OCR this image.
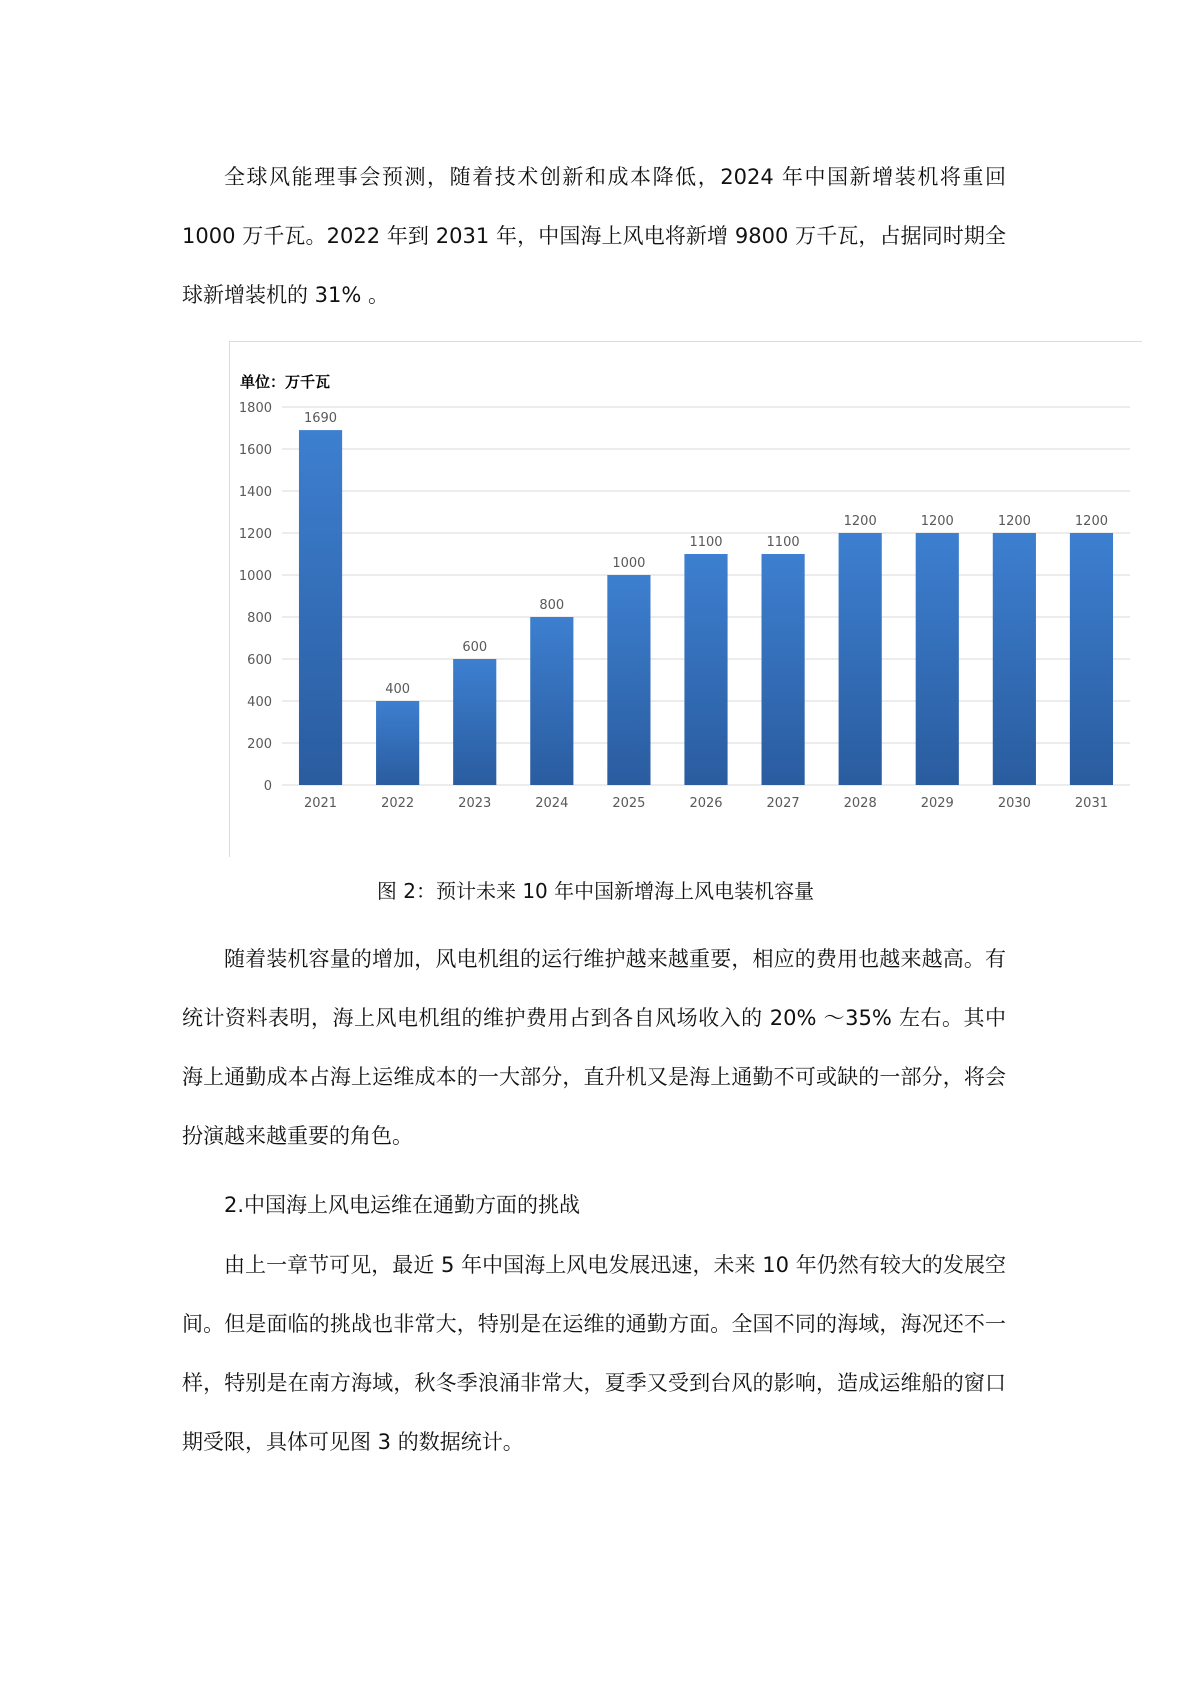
全球风能理事会预测，随着技术创新和成本降低，2024 年中国新增装机将重回 1000 万千瓦。2022 年到 2031 年，中国海上风电将新增 9800 万千瓦，占据同时期全球新增装机的 31% 。

单位：万千瓦
0
200
400
600
800
1000
1200
1400
1600
1800
1690
400
600
800
1000
1100	1100
1200	1200	1200	1200
2021	2022	2023	2024	2025	2026	2027	2028	2029	2030	2031
图 2：预计未来 10 年中国新增海上风电装机容量

随着装机容量的增加，风电机组的运行维护越来越重要，相应的费用也越来越高。有统计资料表明，海上风电机组的维护费用占到各自风场收入的 20% ～35% 左右。其中海上通勤成本占海上运维成本的一大部分，直升机又是海上通勤不可或缺的一部分，将会扮演越来越重要的角色。

2.中国海上风电运维在通勤方面的挑战

由上一章节可见，最近 5 年中国海上风电发展迅速，未来 10 年仍然有较大的发展空间。但是面临的挑战也非常大，特别是在运维的通勤方面。全国不同的海域，海况还不一样，特别是在南方海域，秋冬季浪涌非常大，夏季又受到台风的影响，造成运维船的窗口期受限，具体可见图 3 的数据统计。
